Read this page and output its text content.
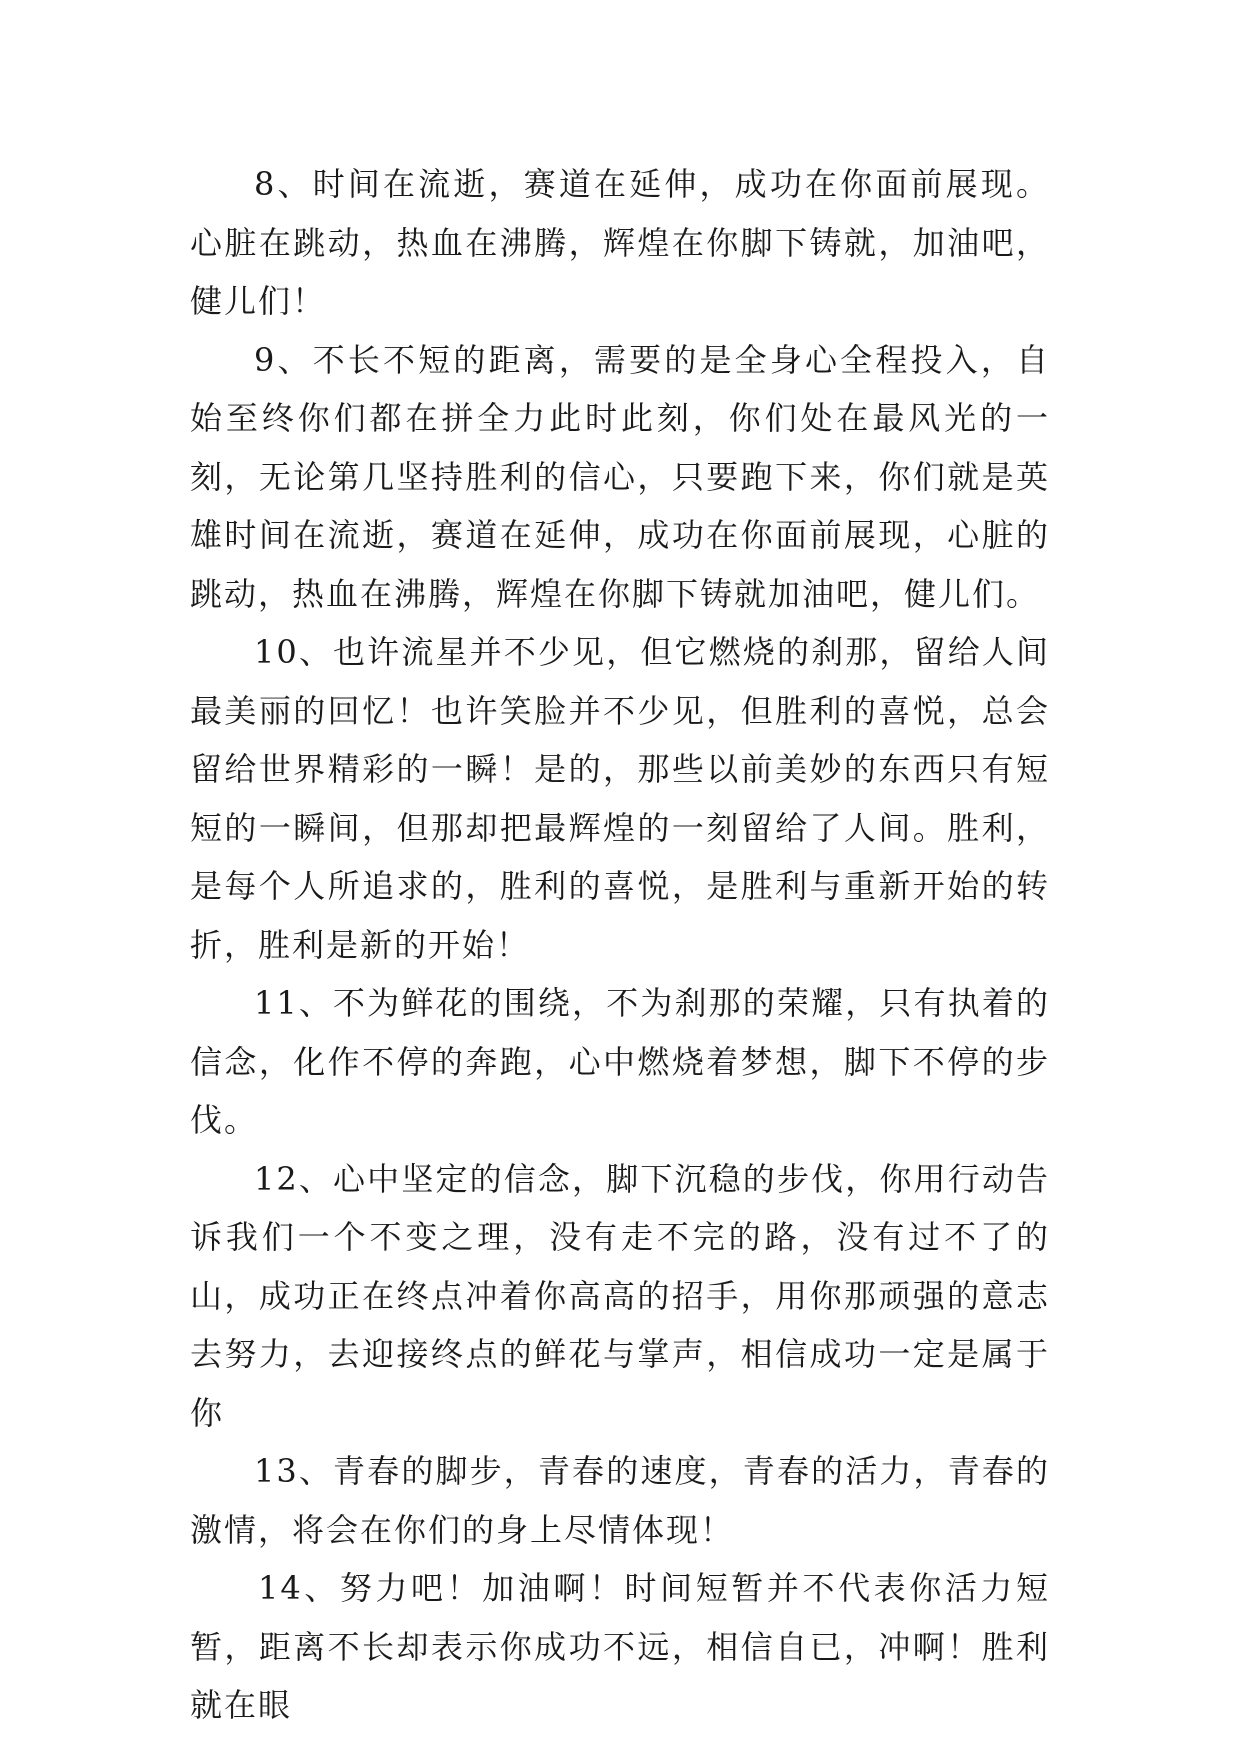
8、时间在流逝，赛道在延伸，成功在你面前展现。心脏在跳动，热血在沸腾，辉煌在你脚下铸就，加油吧，健儿们！

9、不长不短的距离，需要的是全身心全程投入，自始至终你们都在拼全力此时此刻，你们处在最风光的一刻，无论第几坚持胜利的信心，只要跑下来，你们就是英雄时间在流逝，赛道在延伸，成功在你面前展现，心脏的跳动，热血在沸腾，辉煌在你脚下铸就加油吧，健儿们。

10、也许流星并不少见，但它燃烧的刹那，留给人间最美丽的回忆！也许笑脸并不少见，但胜利的喜悦，总会留给世界精彩的一瞬！是的，那些以前美妙的东西只有短短的一瞬间，但那却把最辉煌的一刻留给了人间。胜利，是每个人所追求的，胜利的喜悦，是胜利与重新开始的转折，胜利是新的开始！

11、不为鲜花的围绕，不为刹那的荣耀，只有执着的信念，化作不停的奔跑，心中燃烧着梦想，脚下不停的步伐。

12、心中坚定的信念，脚下沉稳的步伐，你用行动告诉我们一个不变之理，没有走不完的路，没有过不了的山，成功正在终点冲着你高高的招手，用你那顽强的意志去努力，去迎接终点的鲜花与掌声，相信成功一定是属于你

13、青春的脚步，青春的速度，青春的活力，青春的激情，将会在你们的身上尽情体现！

14、努力吧！加油啊！时间短暂并不代表你活力短暂，距离不长却表示你成功不远，相信自已，冲啊！胜利就在眼
